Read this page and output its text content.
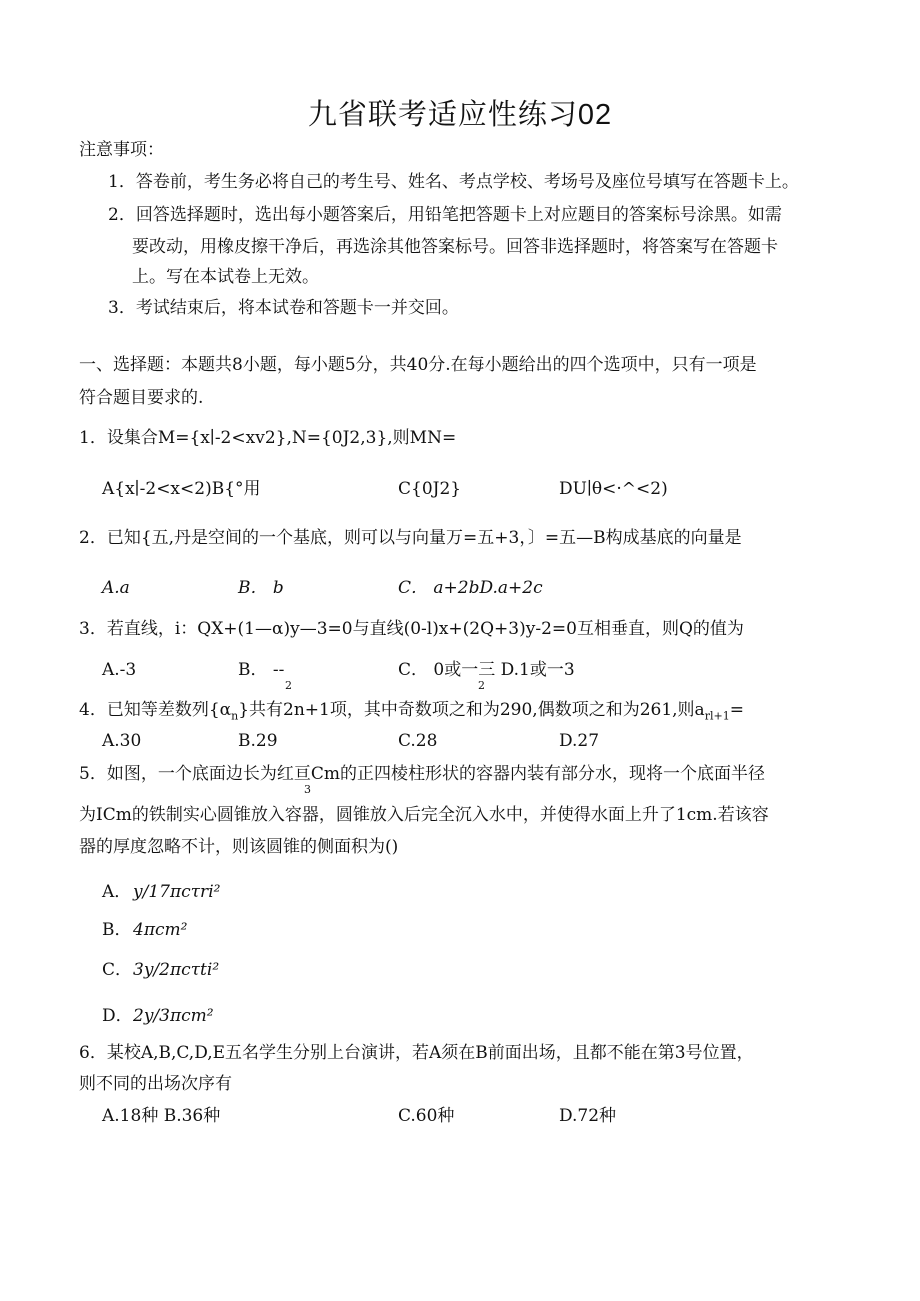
九省联考适应性练习02
注意事项：
1．答卷前，考生务必将自己的考生号、姓名、考点学校、考场号及座位号填写在答题卡上。
2．回答选择题时，选出每小题答案后，用铅笔把答题卡上对应题目的答案标号涂黑。如需
要改动，用橡皮擦干净后，再选涂其他答案标号。回答非选择题时，将答案写在答题卡
上。写在本试卷上无效。
3．考试结束后，将本试卷和答题卡一并交回。
一、选择题：本题共8小题，每小题5分，共40分.在每小题给出的四个选项中，只有一项是
符合题目要求的.
1．设集合M={x∣-2<xv2},N={0J2,3},则MN=
A{x∣-2<x<2)B{°用	C{0J2}	DU∣θ<·^<2)
2．已知{五,丹是空间的一个基底，则可以与向量万=五+3，〕=五—B构成基底的向量是
A.a	B． b	C． a+2bD.a+2c
3．若直线，i：QX+(1—α)y—3=0与直线(0-l)x+(2Q+3)y-2=0互相垂直，则Q的值为
A.-3	B． --
2
C． 0或一三 D.1或一3
2
4．已知等差数列$\{\alpha_n\}$共有2n+1项，其中奇数项之和为290,偶数项之和为261,则$a_{rl+1}=$
A.30	B.29	C.28	D.27
5．如图，一个底面边长为红亘Cm的正四棱柱形状的容器内装有部分水，现将一个底面半径
3
为ICm的铁制实心圆锥放入容器，圆锥放入后完全沉入水中，并使得水面上升了1cm.若该容
器的厚度忽略不计，则该圆锥的侧面积为()
A． y∕17πcτri²
B． 4πcm²
C． 3y∕2πcτti²
D． 2y∕3πcm²
6．某校A,B,C,D,E五名学生分别上台演讲，若A须在B前面出场，且都不能在第3号位置，
则不同的出场次序有
A.18种 B.36种	C.60种	D.72种
